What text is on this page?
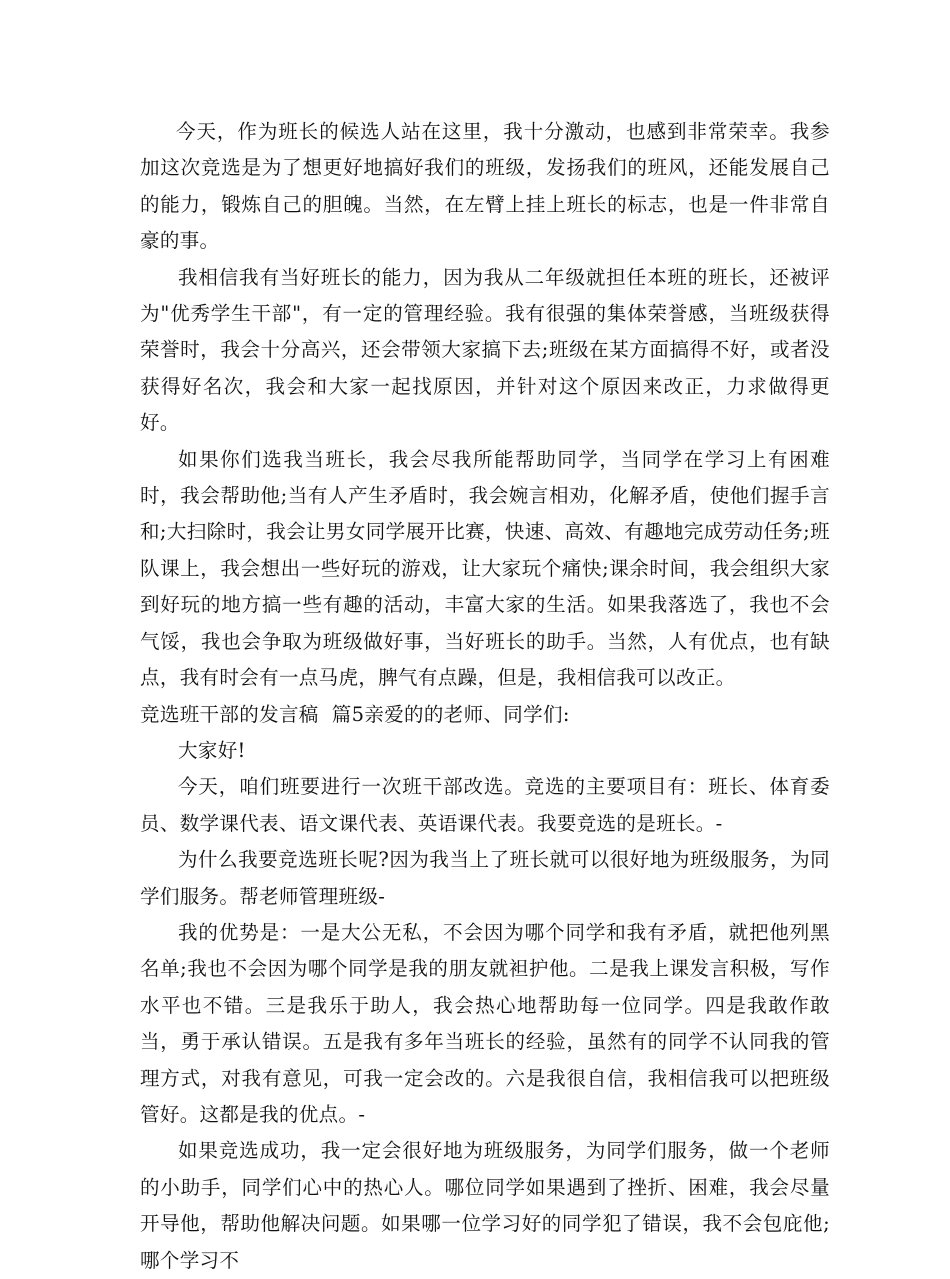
今天，作为班长的候选人站在这里，我十分激动，也感到非常荣幸。我参加这次竞选是为了想更好地搞好我们的班级，发扬我们的班风，还能发展自己的能力，锻炼自己的胆魄。当然，在左臂上挂上班长的标志，也是一件非常自豪的事。

我相信我有当好班长的能力，因为我从二年级就担任本班的班长，还被评为"优秀学生干部"，有一定的管理经验。我有很强的集体荣誉感，当班级获得荣誉时，我会十分高兴，还会带领大家搞下去;班级在某方面搞得不好，或者没获得好名次，我会和大家一起找原因，并针对这个原因来改正，力求做得更好。

如果你们选我当班长，我会尽我所能帮助同学，当同学在学习上有困难时，我会帮助他;当有人产生矛盾时，我会婉言相劝，化解矛盾，使他们握手言和;大扫除时，我会让男女同学展开比赛，快速、高效、有趣地完成劳动任务;班队课上，我会想出一些好玩的游戏，让大家玩个痛快;课余时间，我会组织大家到好玩的地方搞一些有趣的活动，丰富大家的生活。如果我落选了，我也不会气馁，我也会争取为班级做好事，当好班长的助手。当然，人有优点，也有缺点，我有时会有一点马虎，脾气有点躁，但是，我相信我可以改正。

竞选班干部的发言稿  篇5亲爱的的老师、同学们:

大家好!

今天，咱们班要进行一次班干部改选。竞选的主要项目有：班长、体育委员、数学课代表、语文课代表、英语课代表。我要竞选的是班长。-

为什么我要竞选班长呢?因为我当上了班长就可以很好地为班级服务，为同学们服务。帮老师管理班级-

我的优势是：一是大公无私，不会因为哪个同学和我有矛盾，就把他列黑名单;我也不会因为哪个同学是我的朋友就袒护他。二是我上课发言积极，写作水平也不错。三是我乐于助人，我会热心地帮助每一位同学。四是我敢作敢当，勇于承认错误。五是我有多年当班长的经验，虽然有的同学不认同我的管理方式，对我有意见，可我一定会改的。六是我很自信，我相信我可以把班级管好。这都是我的优点。-

如果竞选成功，我一定会很好地为班级服务，为同学们服务，做一个老师的小助手，同学们心中的热心人。哪位同学如果遇到了挫折、困难，我会尽量开导他，帮助他解决问题。如果哪一位学习好的同学犯了错误，我不会包庇他;哪个学习不
